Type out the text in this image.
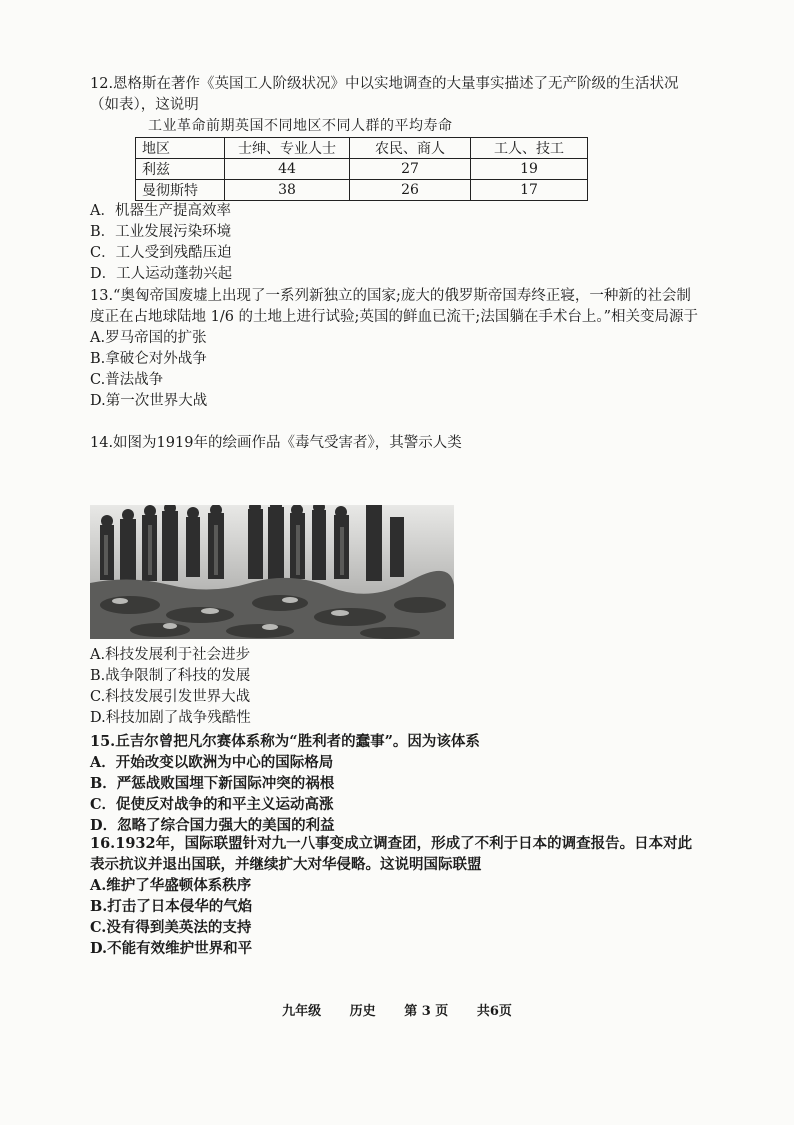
12.恩格斯在著作《英国工人阶级状况》中以实地调查的大量事实描述了无产阶级的生活状况（如表），这说明

工业革命前期英国不同地区不同人群的平均寿命
地区	士绅、专业人士	农民、商人	工人、技工
利兹	44	27	19
曼彻斯特	38	26	17

A．机器生产提高效率

B．工业发展污染环境

C．工人受到残酷压迫

D．工人运动蓬勃兴起

13.“奥匈帝国废墟上出现了一系列新独立的国家;庞大的俄罗斯帝国寿终正寝，一种新的社会制度正在占地球陆地 1/6 的土地上进行试验;英国的鲜血已流干;法国躺在手术台上。”相关变局源于

A.罗马帝国的扩张

B.拿破仑对外战争

C.普法战争

D.第一次世界大战

14.如图为1919年的绘画作品《毒气受害者》，其警示人类

A.科技发展利于社会进步

B.战争限制了科技的发展

C.科技发展引发世界大战

D.科技加剧了战争残酷性

15.丘吉尔曾把凡尔赛体系称为“胜利者的蠢事”。因为该体系

A．开始改变以欧洲为中心的国际格局

B．严惩战败国埋下新国际冲突的祸根

C．促使反对战争的和平主义运动高涨

D．忽略了综合国力强大的美国的利益

16.1932年，国际联盟针对九一八事变成立调查团，形成了不利于日本的调查报告。日本对此表示抗议并退出国联，并继续扩大对华侵略。这说明国际联盟

A.维护了华盛顿体系秩序

B.打击了日本侵华的气焰

C.没有得到美英法的支持

D.不能有效维护世界和平

九年级 历史 第 3 页 共6页
